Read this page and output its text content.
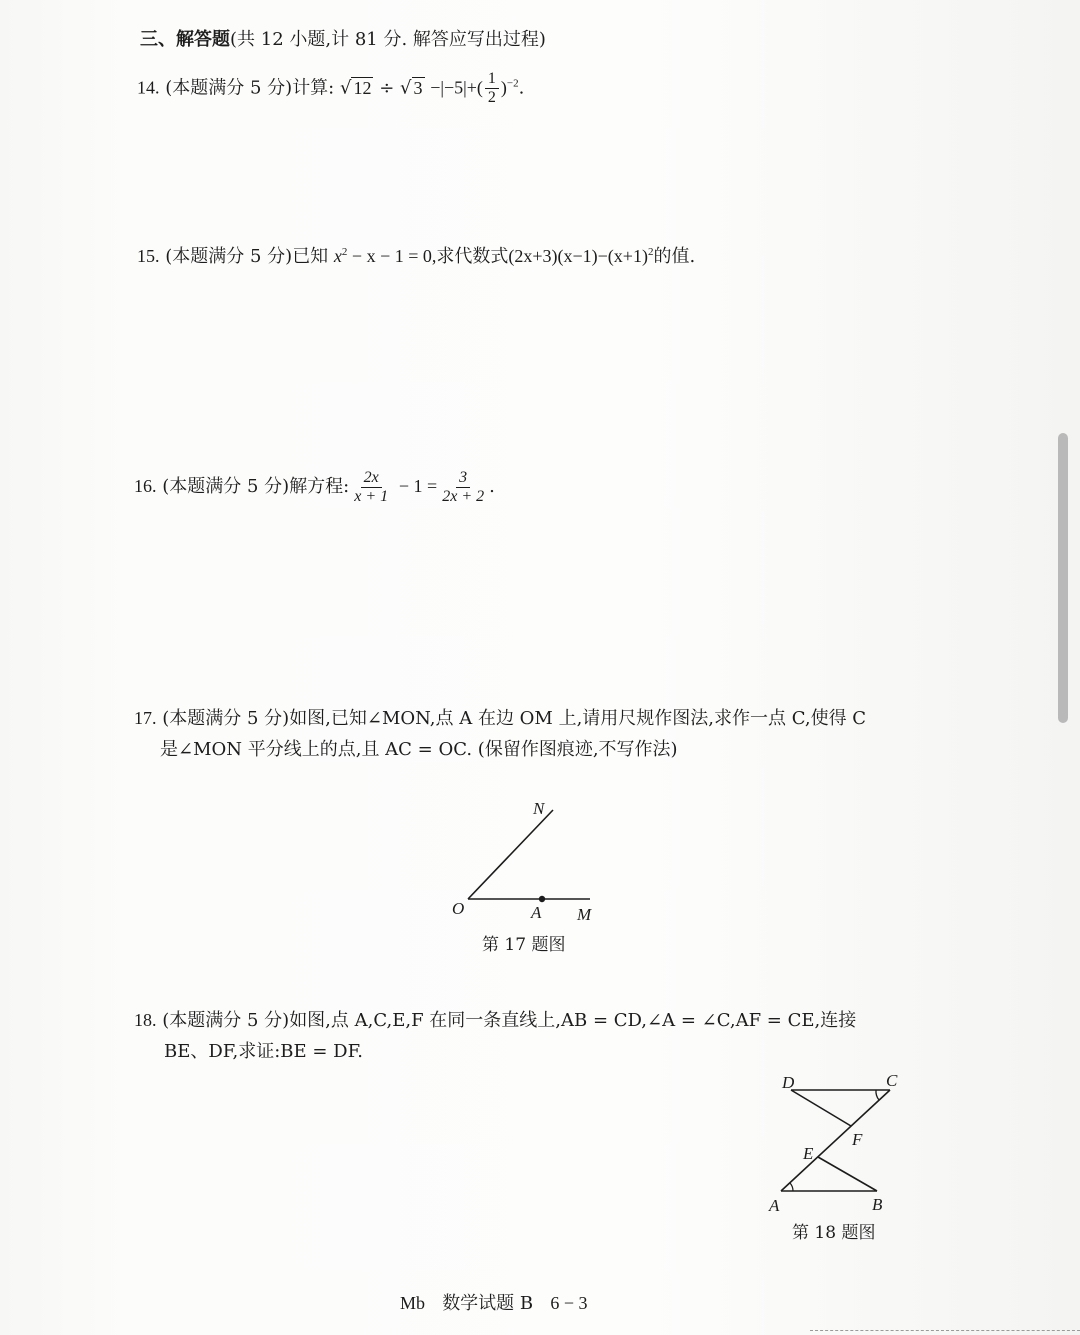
三、解答题(共 12 小题,计 81 分. 解答应写出过程)
14. (本题满分 5 分)计算: √ 12 ÷ √ $3 -|-5|+( \frac{1}{2} )^{-2}$.
15. (本题满分 5 分)已知 $x^2 - x - 1 = 0$,求代数式$(2x+3)(x-1)-(x+1)^2$的值.
16. (本题满分 5 分)解方程: $\frac{2x}{x + 1} - 1 = \frac{3}{2x + 2}$ .
17. (本题满分 5 分)如图,已知∠MON,点 A 在边 OM 上,请用尺规作图法,求作一点 C,使得 C
是∠MON 平分线上的点,且 AC = OC. (保留作图痕迹,不写作法)
N
O	A M
第 17 题图
18. (本题满分 5 分)如图,点 A,C,E,F 在同一条直线上,AB = CD,∠A = ∠C,AF = CE,连接
BE、DF,求证:BE = DF.
D	C
F
E
A	B
第 18 题图
Mb 数学试题 B 6 − 3
